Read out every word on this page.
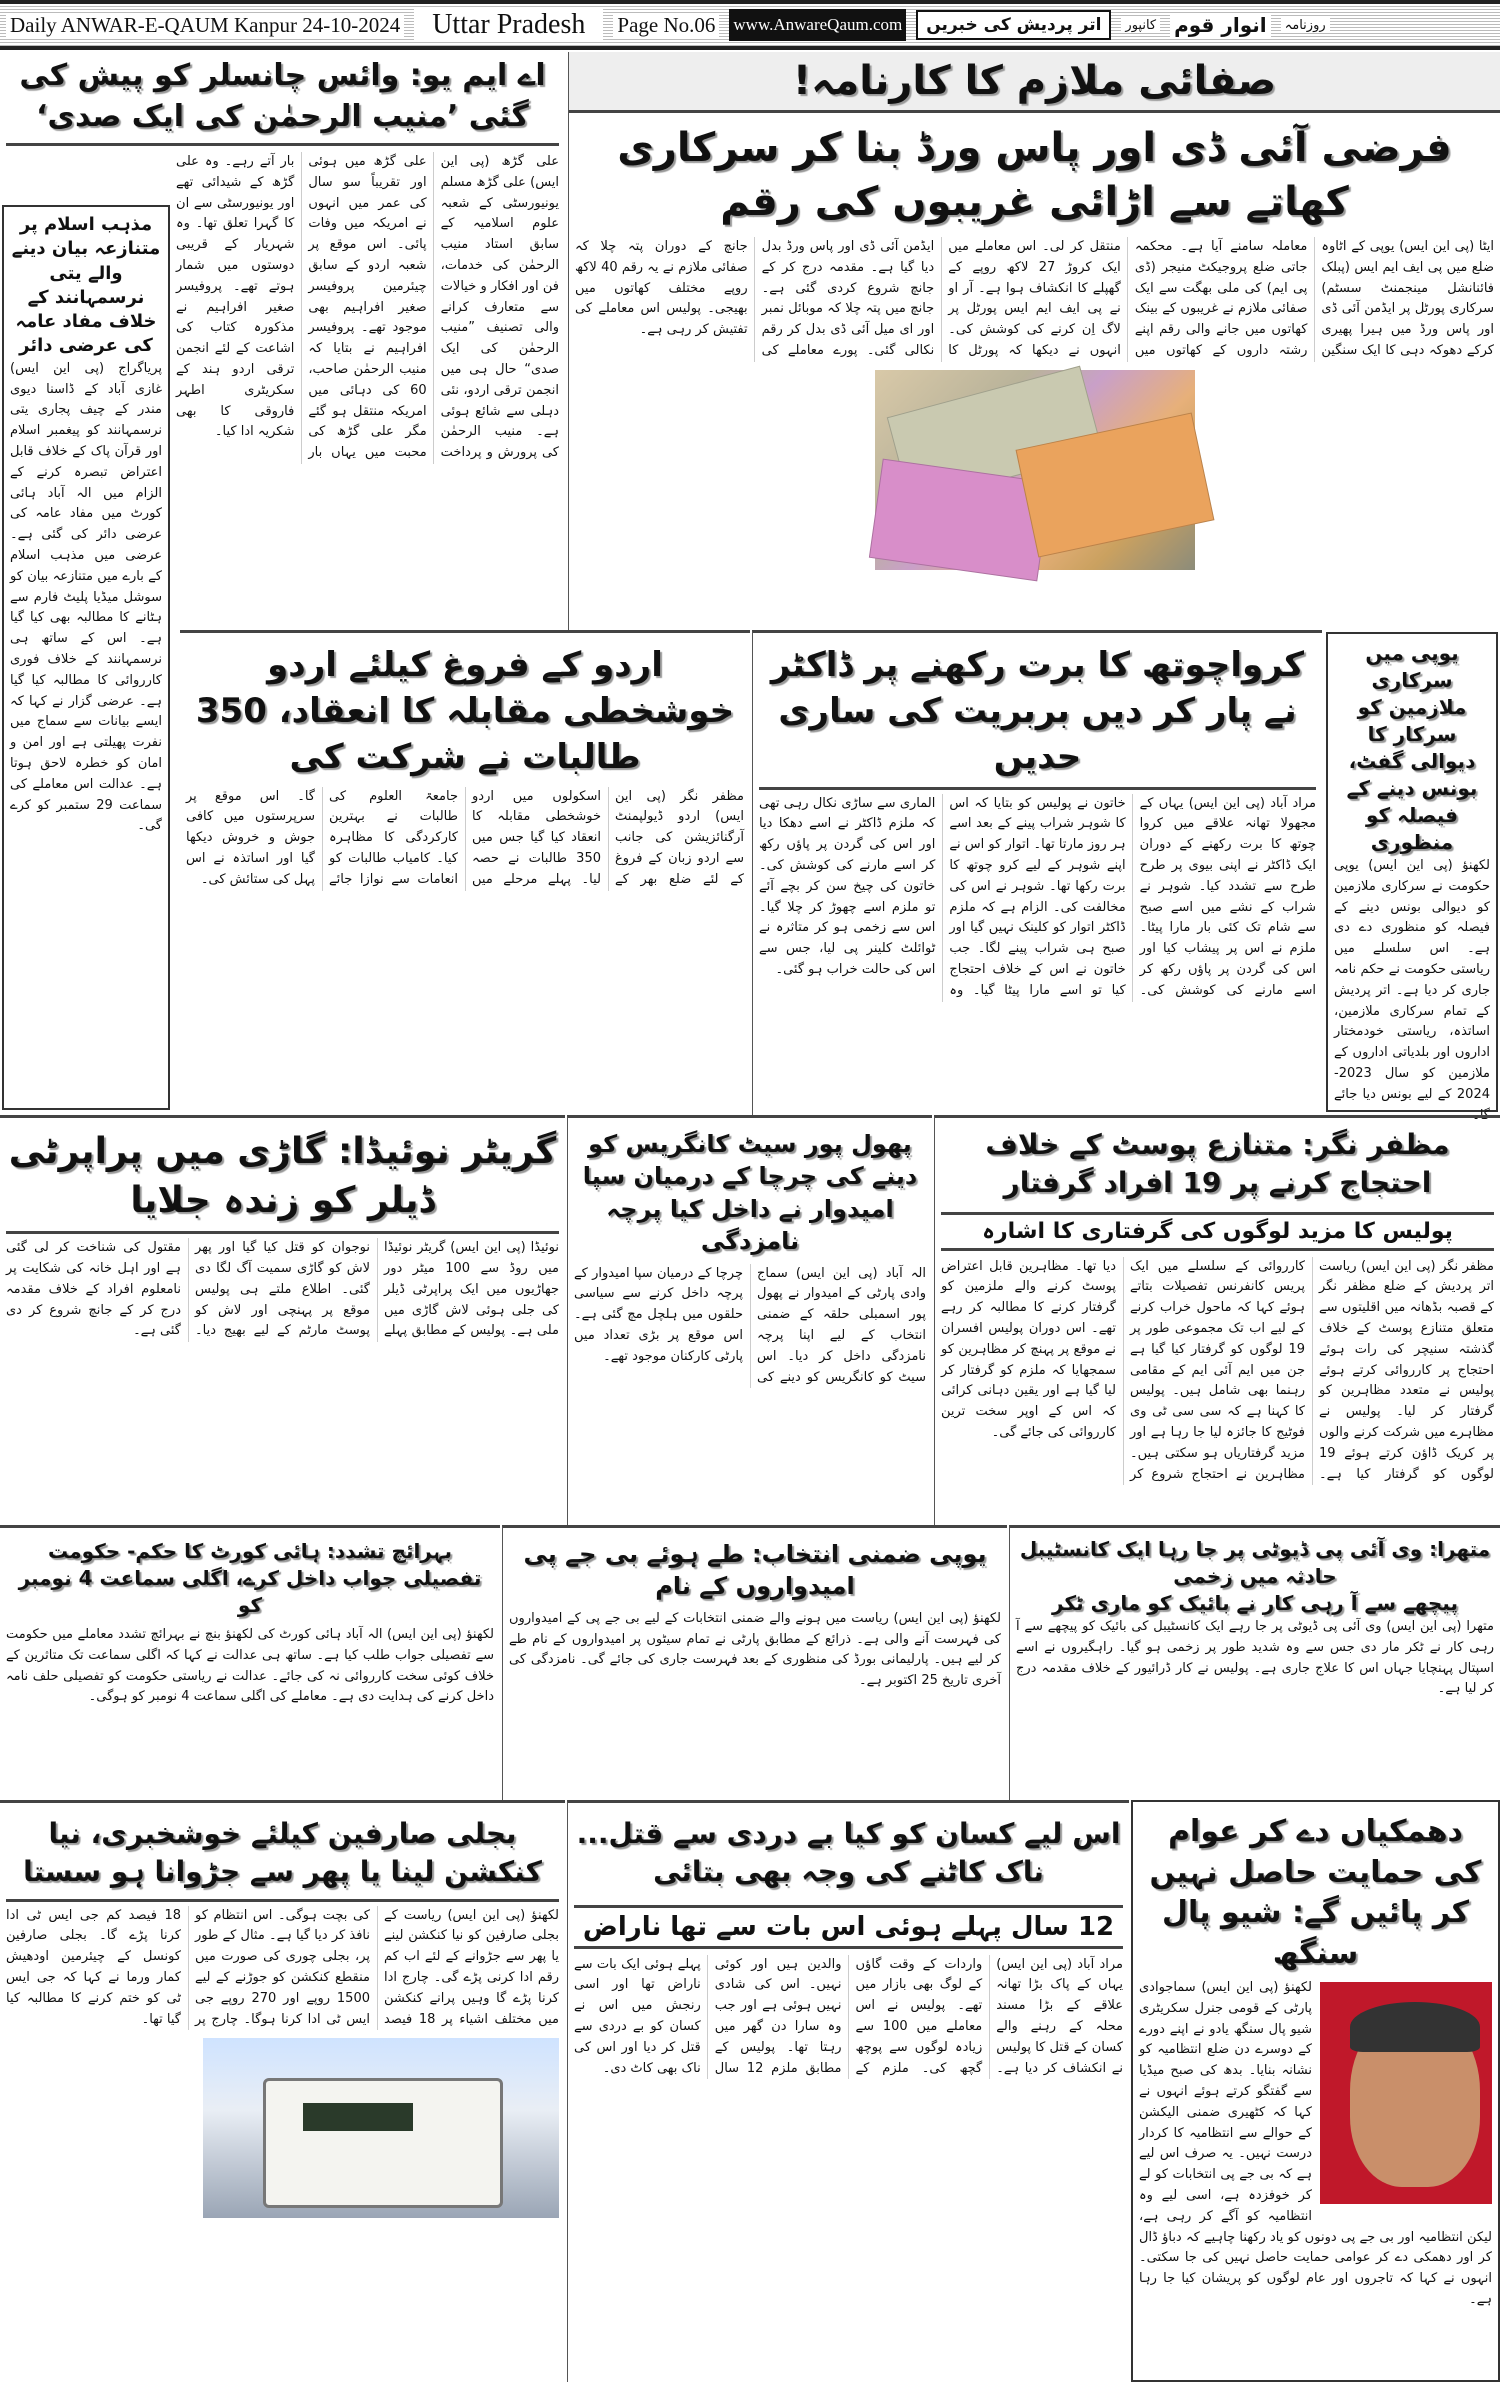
Daily ANWAR-E-QAUM Kanpur 24-10-2024	Uttar Pradesh	Page No.06 www.AnwareQaum.com	اتر پردیش کی خبریں	کانپور انوار قوم	روزنامہ
اے ایم یو: وائس چانسلر کو پیش کی گئی ’منیب الرحمٰن کی ایک صدی‘
علی گڑھ (پی این ایس) علی گڑھ مسلم یونیورسٹی کے شعبہ علوم اسلامیہ کے سابق استاد منیب الرحمٰن کی خدمات، فن اور افکار و خیالات سے متعارف کرانے والی تصنیف ”منیب الرحمٰن کی ایک صدی“ حال ہی میں انجمن ترقی اردو، نئی دہلی سے شائع ہوئی ہے۔ منیب الرحمٰن کی پرورش و پرداخت علی گڑھ میں ہوئی اور تقریباً سو سال کی عمر میں انہوں نے امریکہ میں وفات پائی۔ اس موقع پر شعبہ اردو کے سابق چیئرمین پروفیسر صغیر افراہیم بھی موجود تھے۔ پروفیسر افراہیم نے بتایا کہ منیب الرحمٰن صاحب، 60 کی دہائی میں امریکہ منتقل ہو گئے مگر علی گڑھ کی محبت میں یہاں بار بار آتے رہے۔ وہ علی گڑھ کے شیدائی تھے اور یونیورسٹی سے ان کا گہرا تعلق تھا۔ وہ شہریار کے قریبی دوستوں میں شمار ہوتے تھے۔ پروفیسر صغیر افراہیم نے مذکورہ کتاب کی اشاعت کے لئے انجمن ترقی اردو ہند کے سکریٹری اطہر فاروقی کا بھی شکریہ ادا کیا۔
مذہب اسلام پر متنازعہ بیان دینے والے یتی نرسمہانند کے خلاف مفاد عامہ کی عرضی دائر
پریاگراج (پی این ایس) غازی آباد کے ڈاسنا دیوی مندر کے چیف پجاری یتی نرسمہانند کو پیغمبر اسلام اور قرآن پاک کے خلاف قابل اعتراض تبصرہ کرنے کے الزام میں الہ آباد ہائی کورٹ میں مفاد عامہ کی عرضی دائر کی گئی ہے۔ عرضی میں مذہب اسلام کے بارے میں متنازعہ بیان کو سوشل میڈیا پلیٹ فارم سے ہٹانے کا مطالبہ بھی کیا گیا ہے۔ اس کے ساتھ ہی نرسمہانند کے خلاف فوری کارروائی کا مطالبہ کیا گیا ہے۔ عرضی گزار نے کہا کہ ایسے بیانات سے سماج میں نفرت پھیلتی ہے اور امن و امان کو خطرہ لاحق ہوتا ہے۔ عدالت اس معاملے کی سماعت 29 ستمبر کو کرے گی۔
صفائی ملازم کا کارنامہ!
فرضی آئی ڈی اور پاس ورڈ بنا کر سرکاری کھاتے سے اڑائی غریبوں کی رقم
ایٹا (پی این ایس) یوپی کے اٹاوہ ضلع میں پی ایف ایم ایس (پبلک فائنانشل مینجمنٹ سسٹم) سرکاری پورٹل پر ایڈمن آئی ڈی اور پاس ورڈ میں ہیرا پھیری کرکے دھوکہ دہی کا ایک سنگین معاملہ سامنے آیا ہے۔ محکمہ جاتی ضلع پروجیکٹ منیجر (ڈی پی ایم) کی ملی بھگت سے ایک صفائی ملازم نے غریبوں کے بینک کھاتوں میں جانے والی رقم اپنے رشتہ داروں کے کھاتوں میں منتقل کر لی۔ اس معاملے میں ایک کروڑ 27 لاکھ روپے کے گھپلے کا انکشاف ہوا ہے۔ آر او نے پی ایف ایم ایس پورٹل پر لاگ اِن کرنے کی کوشش کی۔ انہوں نے دیکھا کہ پورٹل کا ایڈمن آئی ڈی اور پاس ورڈ بدل دیا گیا ہے۔ مقدمہ درج کر کے جانچ شروع کردی گئی ہے۔ جانچ میں پتہ چلا کہ موبائل نمبر اور ای میل آئی ڈی بدل کر رقم نکالی گئی۔ پورے معاملے کی جانچ کے دوران پتہ چلا کہ صفائی ملازم نے یہ رقم 40 لاکھ روپے مختلف کھاتوں میں بھیجی۔ پولیس اس معاملے کی تفتیش کر رہی ہے۔
اردو کے فروغ کیلئے اردو خوشخطی مقابلہ کا انعقاد، 350 طالبات نے شرکت کی
مظفر نگر (پی این ایس) اردو ڈیولپمنٹ آرگنائزیشن کی جانب سے اردو زبان کے فروغ کے لئے ضلع بھر کے اسکولوں میں اردو خوشخطی مقابلہ کا انعقاد کیا گیا جس میں 350 طالبات نے حصہ لیا۔ پہلے مرحلے میں جامعۃ العلوم کی طالبات نے بہترین کارکردگی کا مظاہرہ کیا۔ کامیاب طالبات کو انعامات سے نوازا جائے گا۔ اس موقع پر سرپرستوں میں کافی جوش و خروش دیکھا گیا اور اساتذہ نے اس پہل کی ستائش کی۔
کرواچوتھ کا برت رکھنے پر ڈاکٹر نے پار کر دیں بربریت کی ساری حدیں
مراد آباد (پی این ایس) یہاں کے مجھولا تھانہ علاقے میں کروا چوتھ کا برت رکھنے کے دوران ایک ڈاکٹر نے اپنی بیوی پر طرح طرح سے تشدد کیا۔ شوہر نے شراب کے نشے میں اسے صبح سے شام تک کئی بار مارا پیٹا۔ ملزم نے اس پر پیشاب کیا اور اس کی گردن پر پاؤں رکھ کر اسے مارنے کی کوشش کی۔ خاتون نے پولیس کو بتایا کہ اس کا شوہر شراب پینے کے بعد اسے ہر روز مارتا تھا۔ اتوار کو اس نے اپنے شوہر کے لیے کرو چوتھ کا برت رکھا تھا۔ شوہر نے اس کی مخالفت کی۔ الزام ہے کہ ملزم ڈاکٹر اتوار کو کلینک نہیں گیا اور صبح ہی شراب پینے لگا۔ جب خاتون نے اس کے خلاف احتجاج کیا تو اسے مارا پیٹا گیا۔ وہ الماری سے ساڑی نکال رہی تھی کہ ملزم ڈاکٹر نے اسے دھکا دیا اور اس کی گردن پر پاؤں رکھ کر اسے مارنے کی کوشش کی۔ خاتون کی چیخ سن کر بچے آئے تو ملزم اسے چھوڑ کر چلا گیا۔ اس سے زخمی ہو کر متاثرہ نے ٹوائلٹ کلینر پی لیا، جس سے اس کی حالت خراب ہو گئی۔
یوپی میں سرکاری ملازمین کو سرکار کا دیوالی گفٹ، بونس دینے کے فیصلہ کو منظوری
لکھنؤ (پی این ایس) یوپی حکومت نے سرکاری ملازمین کو دیوالی بونس دینے کے فیصلہ کو منظوری دے دی ہے۔ اس سلسلے میں ریاستی حکومت نے حکم نامہ جاری کر دیا ہے۔ اتر پردیش کے تمام سرکاری ملازمین، اساتذہ، ریاستی خودمختار اداروں اور بلدیاتی اداروں کے ملازمین کو سال 2023-2024 کے لیے بونس دیا جائے گا۔
گریٹر نوئیڈا: گاڑی میں پراپرٹی ڈیلر کو زندہ جلایا
نوئیڈا (پی این ایس) گریٹر نوئیڈا میں روڈ سے 100 میٹر دور جھاڑیوں میں ایک پراپرٹی ڈیلر کی جلی ہوئی لاش گاڑی میں ملی ہے۔ پولیس کے مطابق پہلے نوجوان کو قتل کیا گیا اور پھر لاش کو گاڑی سمیت آگ لگا دی گئی۔ اطلاع ملتے ہی پولیس موقع پر پہنچی اور لاش کو پوسٹ مارٹم کے لیے بھیج دیا۔ مقتول کی شناخت کر لی گئی ہے اور اہل خانہ کی شکایت پر نامعلوم افراد کے خلاف مقدمہ درج کر کے جانچ شروع کر دی گئی ہے۔
پھول پور سیٹ کانگریس کو دینے کی چرچا کے درمیان سپا امیدوار نے داخل کیا پرچہ نامزدگی
الہ آباد (پی این ایس) سماج وادی پارٹی کے امیدوار نے پھول پور اسمبلی حلقہ کے ضمنی انتخاب کے لیے اپنا پرچہ نامزدگی داخل کر دیا۔ اس سیٹ کو کانگریس کو دینے کی چرچا کے درمیان سپا امیدوار کے پرچہ داخل کرنے سے سیاسی حلقوں میں ہلچل مچ گئی ہے۔ اس موقع پر بڑی تعداد میں پارٹی کارکنان موجود تھے۔
مظفر نگر: متنازع پوسٹ کے خلاف احتجاج کرنے پر 19 افراد گرفتار
پولیس کا مزید لوگوں کی گرفتاری کا اشارہ
مظفر نگر (پی این ایس) ریاست اتر پردیش کے ضلع مظفر نگر کے قصبہ بڈھانہ میں اقلیتوں سے متعلق متنازع پوسٹ کے خلاف گذشتہ سنیچر کی رات ہوئے احتجاج پر کارروائی کرتے ہوئے پولیس نے متعدد مظاہرین کو گرفتار کر لیا۔ پولیس نے مظاہرے میں شرکت کرنے والوں پر کریک ڈاؤن کرتے ہوئے 19 لوگوں کو گرفتار کیا ہے۔ کارروائی کے سلسلے میں ایک پریس کانفرنس تفصیلات بتاتے ہوئے کہا کہ ماحول خراب کرنے کے لیے اب تک مجموعی طور پر 19 لوگوں کو گرفتار کیا گیا ہے جن میں ایم آئی ایم کے مقامی رہنما بھی شامل ہیں۔ پولیس کا کہنا ہے کہ سی سی ٹی وی فوٹیج کا جائزہ لیا جا رہا ہے اور مزید گرفتاریاں ہو سکتی ہیں۔ مظاہرین نے احتجاج شروع کر دیا تھا۔ مظاہرین قابل اعتراض پوسٹ کرنے والے ملزمین کو گرفتار کرنے کا مطالبہ کر رہے تھے۔ اس دوران پولیس افسران نے موقع پر پہنچ کر مظاہرین کو سمجھایا کہ ملزم کو گرفتار کر لیا گیا ہے اور یقین دہانی کرائی کہ اس کے اوپر سخت ترین کارروائی کی جائے گی۔
بہرائچ تشدد: ہائی کورٹ کا حکم- حکومت تفصیلی جواب داخل کرے، اگلی سماعت 4 نومبر کو
لکھنؤ (پی این ایس) الہ آباد ہائی کورٹ کی لکھنؤ بنچ نے بہرائچ تشدد معاملے میں حکومت سے تفصیلی جواب طلب کیا ہے۔ ساتھ ہی عدالت نے کہا کہ اگلی سماعت تک متاثرین کے خلاف کوئی سخت کارروائی نہ کی جائے۔ عدالت نے ریاستی حکومت کو تفصیلی حلف نامہ داخل کرنے کی ہدایت دی ہے۔ معاملے کی اگلی سماعت 4 نومبر کو ہوگی۔
یوپی ضمنی انتخاب: طے ہوئے بی جے پی امیدواروں کے نام
لکھنؤ (پی این ایس) ریاست میں ہونے والے ضمنی انتخابات کے لیے بی جے پی کے امیدواروں کی فہرست آنے والی ہے۔ ذرائع کے مطابق پارٹی نے تمام سیٹوں پر امیدواروں کے نام طے کر لیے ہیں۔ پارلیمانی بورڈ کی منظوری کے بعد فہرست جاری کی جائے گی۔ نامزدگی کی آخری تاریخ 25 اکتوبر ہے۔
متھرا: وی آئی پی ڈیوٹی پر جا رہا ایک کانسٹیبل حادثہ میں زخمی
پیچھے سے آ رہی کار نے بائیک کو ماری ٹکر
متھرا (پی این ایس) وی آئی پی ڈیوٹی پر جا رہے ایک کانسٹیبل کی بائیک کو پیچھے سے آ رہی کار نے ٹکر مار دی جس سے وہ شدید طور پر زخمی ہو گیا۔ راہگیروں نے اسے اسپتال پہنچایا جہاں اس کا علاج جاری ہے۔ پولیس نے کار ڈرائیور کے خلاف مقدمہ درج کر لیا ہے۔
بجلی صارفین کیلئے خوشخبری، نیا کنکشن لینا یا پھر سے جڑوانا ہو سستا
لکھنؤ (پی این ایس) ریاست کے بجلی صارفین کو نیا کنکشن لینے یا پھر سے جڑوانے کے لئے اب کم رقم ادا کرنی پڑے گی۔ چارج ادا کرنا پڑے گا وہیں پرانے کنکشن میں مختلف اشیاء پر 18 فیصد کی بچت ہوگی۔ اس انتظام کو نافذ کر دیا گیا ہے۔ مثال کے طور پر، بجلی چوری کی صورت میں منقطع کنکشن کو جوڑنے کے لیے 1500 روپے اور 270 روپے جی ایس ٹی ادا کرنا ہوگا۔ چارج پر 18 فیصد کم جی ایس ٹی ادا کرنا پڑے گا۔ بجلی صارفین کونسل کے چیئرمین اودھیش کمار ورما نے کہا کہ جی ایس ٹی کو ختم کرنے کا مطالبہ کیا گیا تھا۔
اس لیے کسان کو کیا بے دردی سے قتل... ناک کاٹنے کی وجہ بھی بتائی
12 سال پہلے ہوئی اس بات سے تھا ناراض
مراد آباد (پی این ایس) یہاں کے پاک بڑا تھانہ علاقے کے بڑا مسند محلہ کے رہنے والے کسان کے قتل کا پولیس نے انکشاف کر دیا ہے۔ واردات کے وقت گاؤں کے لوگ بھی بازار میں تھے۔ پولیس نے اس معاملے میں 100 سے زیادہ لوگوں سے پوچھ گچھ کی۔ ملزم کے والدین ہیں اور کوئی نہیں۔ اس کی شادی نہیں ہوئی ہے اور جب وہ سارا دن گھر میں رہتا تھا۔ پولیس کے مطابق ملزم 12 سال پہلے ہوئی ایک بات سے ناراض تھا اور اسی رنجش میں اس نے کسان کو بے دردی سے قتل کر دیا اور اس کی ناک بھی کاٹ دی۔
دھمکیاں دے کر عوام کی حمایت حاصل نہیں کر پائیں گے: شیو پال سنگھ
لکھنؤ (پی این ایس) سماجوادی پارٹی کے قومی جنرل سکریٹری شیو پال سنگھ یادو نے اپنے دورے کے دوسرے دن ضلع انتظامیہ کو نشانہ بنایا۔ بدھ کی صبح میڈیا سے گفتگو کرتے ہوئے انہوں نے کہا کہ کٹھیری ضمنی الیکشن کے حوالے سے انتظامیہ کا کردار درست نہیں۔ یہ صرف اس لیے ہے کہ بی جے پی انتخابات کو لے کر خوفزدہ ہے، اسی لیے وہ انتظامیہ کو آگے کر رہی ہے، لیکن انتظامیہ اور بی جے پی دونوں کو یاد رکھنا چاہیے کہ دباؤ ڈال کر اور دھمکی دے کر عوامی حمایت حاصل نہیں کی جا سکتی۔ انہوں نے کہا کہ تاجروں اور عام لوگوں کو پریشان کیا جا رہا ہے۔
